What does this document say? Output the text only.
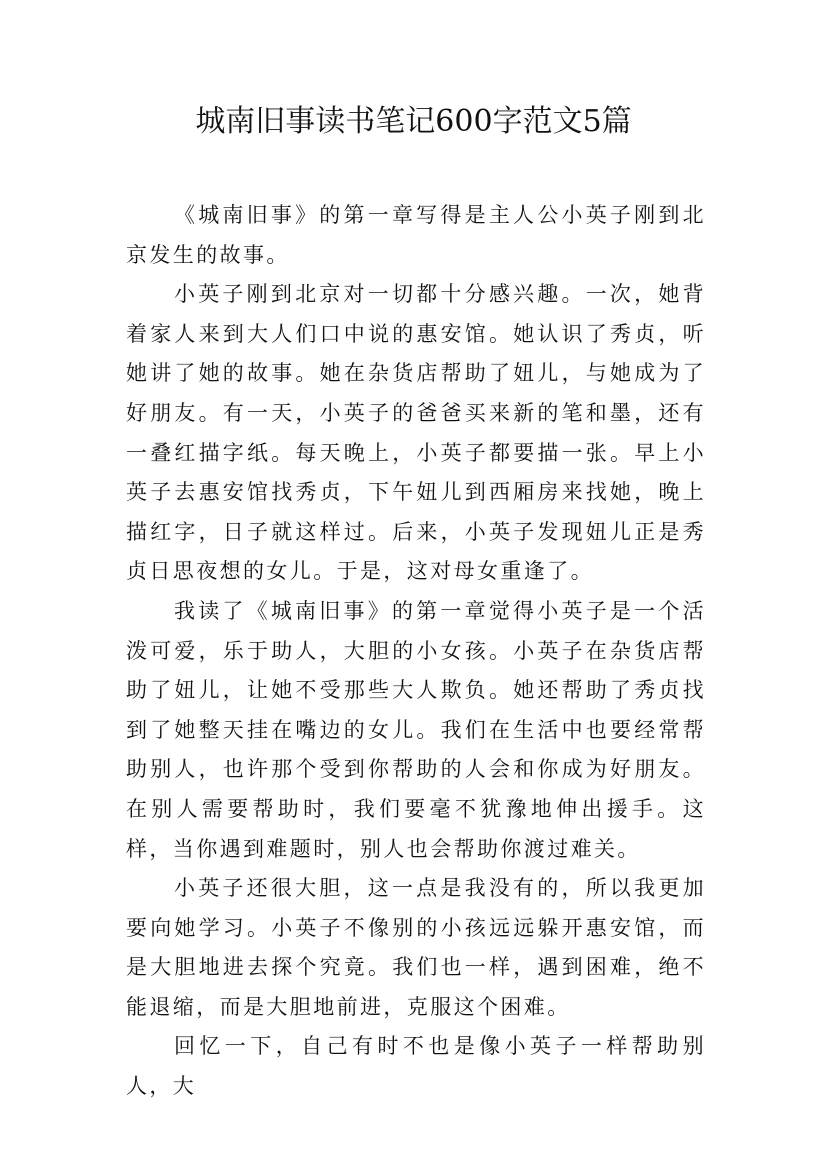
城南旧事读书笔记600字范文5篇

《城南旧事》的第一章写得是主人公小英子刚到北京发生的故事。

小英子刚到北京对一切都十分感兴趣。一次，她背着家人来到大人们口中说的惠安馆。她认识了秀贞，听她讲了她的故事。她在杂货店帮助了妞儿，与她成为了好朋友。有一天，小英子的爸爸买来新的笔和墨，还有一叠红描字纸。每天晚上，小英子都要描一张。早上小英子去惠安馆找秀贞，下午妞儿到西厢房来找她，晚上描红字，日子就这样过。后来，小英子发现妞儿正是秀贞日思夜想的女儿。于是，这对母女重逢了。

我读了《城南旧事》的第一章觉得小英子是一个活泼可爱，乐于助人，大胆的小女孩。小英子在杂货店帮助了妞儿，让她不受那些大人欺负。她还帮助了秀贞找到了她整天挂在嘴边的女儿。我们在生活中也要经常帮助别人，也许那个受到你帮助的人会和你成为好朋友。在别人需要帮助时，我们要毫不犹豫地伸出援手。这样，当你遇到难题时，别人也会帮助你渡过难关。

小英子还很大胆，这一点是我没有的，所以我更加要向她学习。小英子不像别的小孩远远躲开惠安馆，而是大胆地进去探个究竟。我们也一样，遇到困难，绝不能退缩，而是大胆地前进，克服这个困难。

回忆一下，自己有时不也是像小英子一样帮助别人，大
